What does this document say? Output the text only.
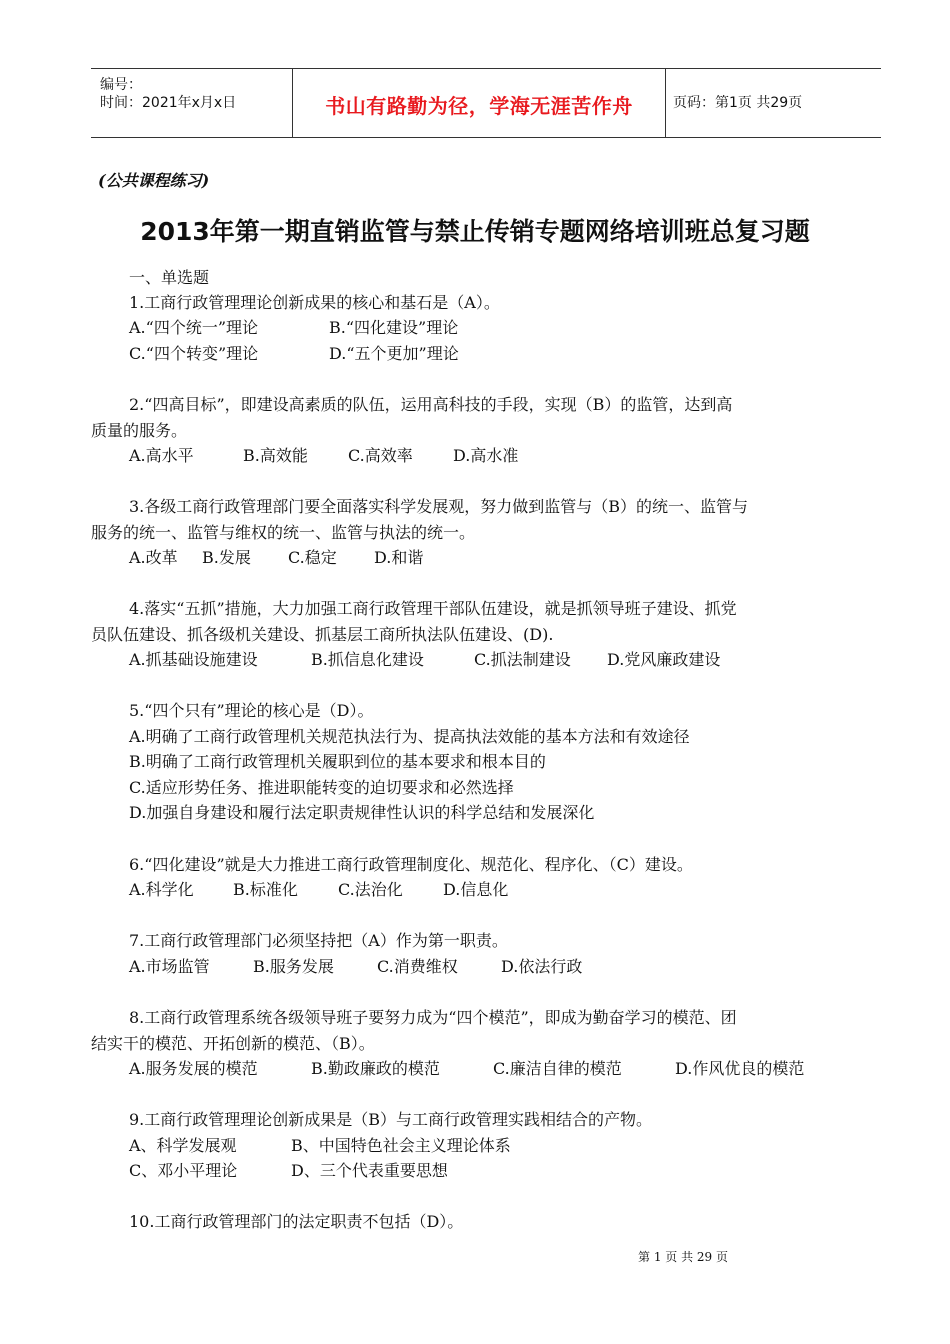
编号：
时间：2021年x月x日	书山有路勤为径，学海无涯苦作舟	页码：第1页 共29页
(公共课程练习)
2013年第一期直销监管与禁止传销专题网络培训班总复习题
一、单选题
1.工商行政管理理论创新成果的核心和基石是（A）。
A.“四个统一”理论	B.“四化建设”理论
C.“四个转变”理论	D.“五个更加”理论
2.“四高目标”，即建设高素质的队伍，运用高科技的手段，实现（B）的监管，达到高
质量的服务。
A.高水平	B.高效能	C.高效率	D.高水准
3.各级工商行政管理部门要全面落实科学发展观，努力做到监管与（B）的统一、监管与
服务的统一、监管与维权的统一、监管与执法的统一。
A.改革 B.发展 C.稳定 D.和谐
4.落实“五抓”措施，大力加强工商行政管理干部队伍建设，就是抓领导班子建设、抓党
员队伍建设、抓各级机关建设、抓基层工商所执法队伍建设、(D).
A.抓基础设施建设	B.抓信息化建设	C.抓法制建设 D.党风廉政建设
5.“四个只有”理论的核心是（D）。
A.明确了工商行政管理机关规范执法行为、提高执法效能的基本方法和有效途径
B.明确了工商行政管理机关履职到位的基本要求和根本目的
C.适应形势任务、推进职能转变的迫切要求和必然选择
D.加强自身建设和履行法定职责规律性认识的科学总结和发展深化
6.“四化建设”就是大力推进工商行政管理制度化、规范化、程序化、（C）建设。
A.科学化 B.标准化	C.法治化	D.信息化
7.工商行政管理部门必须坚持把（A）作为第一职责。
A.市场监管	B.服务发展	C.消费维权	D.依法行政
8.工商行政管理系统各级领导班子要努力成为“四个模范”，即成为勤奋学习的模范、团
结实干的模范、开拓创新的模范、（B）。
A.服务发展的模范	B.勤政廉政的模范	C.廉洁自律的模范	D.作风优良的模范
9.工商行政管理理论创新成果是（B）与工商行政管理实践相结合的产物。
A、科学发展观	B、中国特色社会主义理论体系
C、邓小平理论	D、三个代表重要思想
10.工商行政管理部门的法定职责不包括（D）。
第 1 页 共 29 页
